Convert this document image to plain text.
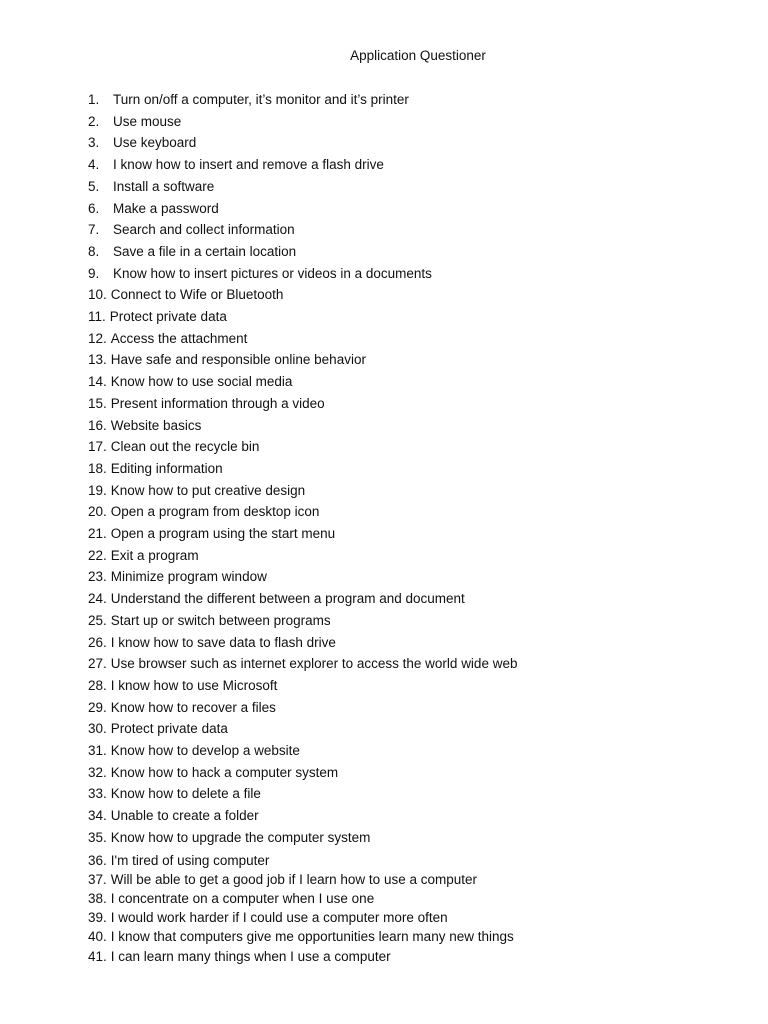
Application Questioner
1. Turn on/off a computer, it’s monitor and it’s printer
2. Use mouse
3. Use keyboard
4. I know how to insert and remove a flash drive
5. Install a software
6. Make a password
7. Search and collect information
8. Save a file in a certain location
9. Know how to insert pictures or videos in a documents
10. Connect to Wife or Bluetooth
11. Protect private data
12. Access the attachment
13. Have safe and responsible online behavior
14. Know how to use social media
15. Present information through a video
16. Website basics
17. Clean out the recycle bin
18. Editing information
19. Know how to put creative design
20. Open a program from desktop icon
21. Open a program using the start menu
22. Exit a program
23. Minimize program window
24. Understand the different between a program and document
25. Start up or switch between programs
26. I know how to save data to flash drive
27. Use browser such as internet explorer to access the world wide web
28. I know how to use Microsoft
29. Know how to recover a files
30. Protect private data
31. Know how to develop a website
32. Know how to hack a computer system
33. Know how to delete a file
34. Unable to create a folder
35. Know how to upgrade the computer system
36. I'm tired of using computer
37. Will be able to get a good job if I learn how to use a computer
38. I concentrate on a computer when I use one
39. I would work harder if I could use a computer more often
40. I know that computers give me opportunities learn many new things
41. I can learn many things when I use a computer
